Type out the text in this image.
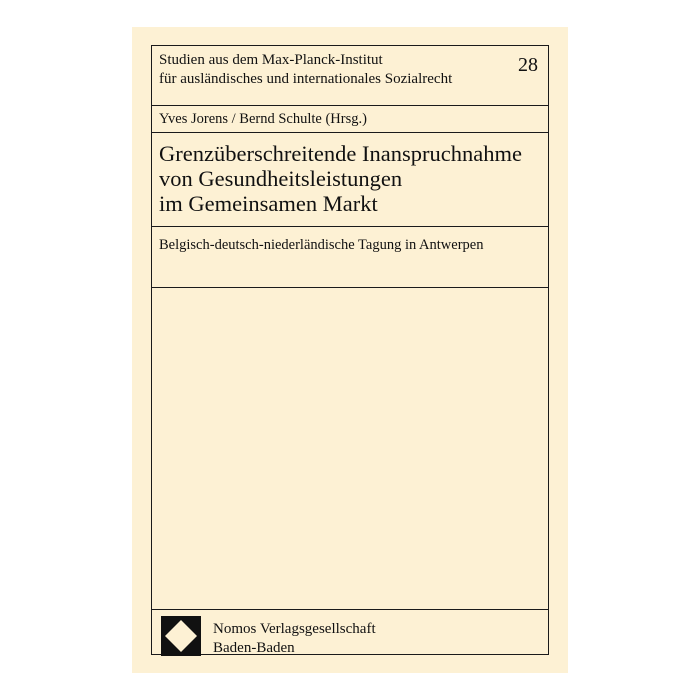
Studien aus dem Max-Planck-Institut
für ausländisches und internationales Sozialrecht
28
Yves Jorens / Bernd Schulte (Hrsg.)
Grenzüberschreitende Inanspruchnahme
von Gesundheitsleistungen
im Gemeinsamen Markt
Belgisch-deutsch-niederländische Tagung in Antwerpen
Nomos Verlagsgesellschaft
Baden-Baden
